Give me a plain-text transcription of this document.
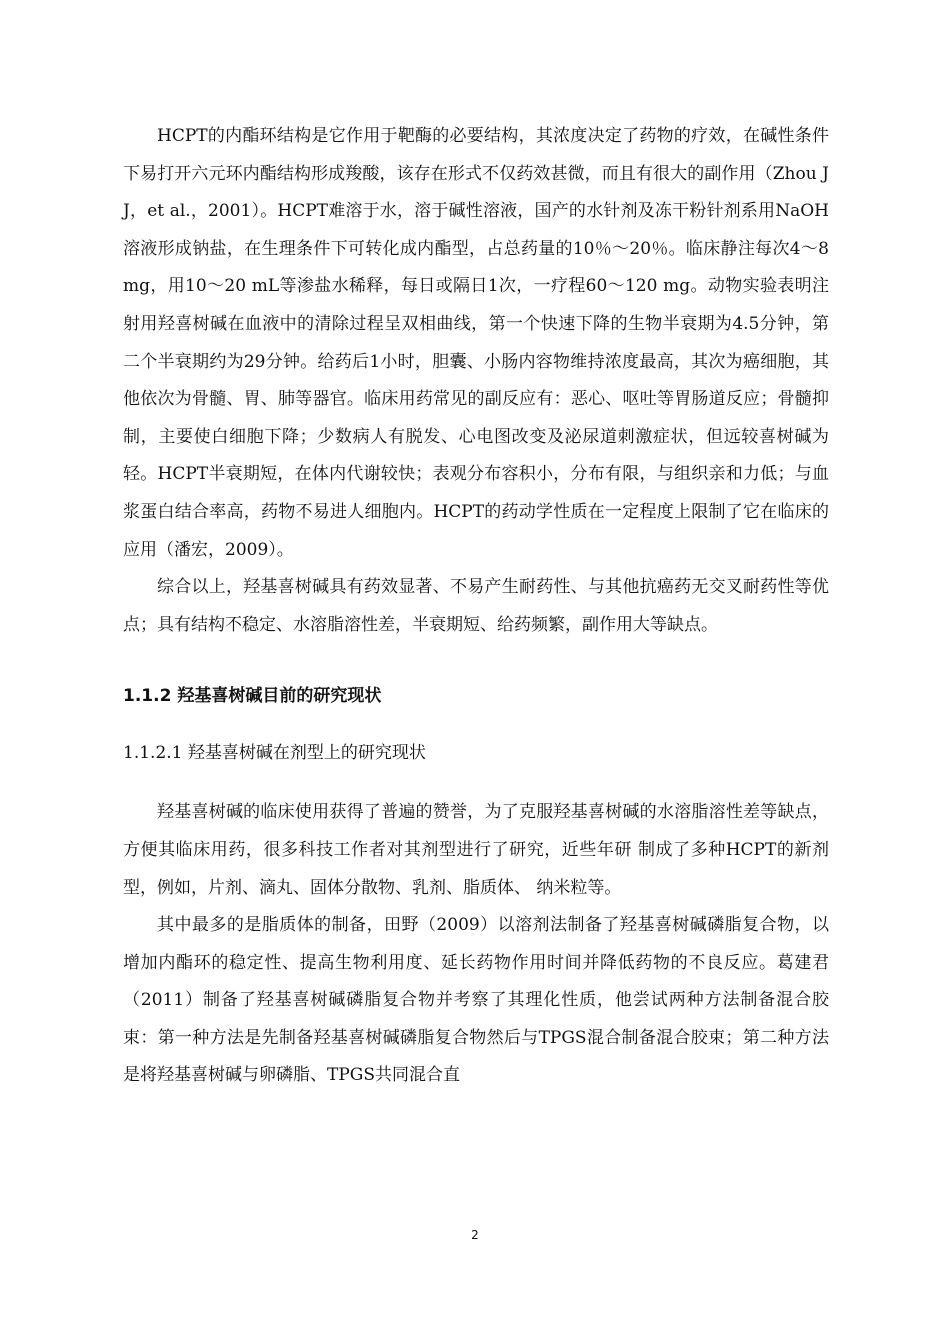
HCPT的内酯环结构是它作用于靶酶的必要结构，其浓度决定了药物的疗效，在碱性条件下易打开六元环内酯结构形成羧酸，该存在形式不仅药效甚微，而且有很大的副作用（Zhou J J，et al.，2001）。HCPT难溶于水，溶于碱性溶液，国产的水针剂及冻干粉针剂系用NaOH溶液形成钠盐，在生理条件下可转化成内酯型，占总药量的10％～20％。临床静注每次4～8 mg，用10～20 mL等渗盐水稀释，每日或隔日1次，一疗程60～120 mg。动物实验表明注射用羟喜树碱在血液中的清除过程呈双相曲线，第一个快速下降的生物半衰期为4.5分钟，第二个半衰期约为29分钟。给药后1小时，胆囊、小肠内容物维持浓度最高，其次为癌细胞，其他依次为骨髓、胃、肺等器官。临床用药常见的副反应有：恶心、呕吐等胃肠道反应；骨髓抑制，主要使白细胞下降；少数病人有脱发、心电图改变及泌尿道刺激症状，但远较喜树碱为轻。HCPT半衰期短，在体内代谢较快；表观分布容积小，分布有限，与组织亲和力低；与血浆蛋白结合率高，药物不易进人细胞内。HCPT的药动学性质在一定程度上限制了它在临床的应用（潘宏，2009）。

综合以上，羟基喜树碱具有药效显著、不易产生耐药性、与其他抗癌药无交叉耐药性等优点；具有结构不稳定、水溶脂溶性差，半衰期短、给药频繁，副作用大等缺点。

1.1.2 羟基喜树碱目前的研究现状
1.1.2.1 羟基喜树碱在剂型上的研究现状

羟基喜树碱的临床使用获得了普遍的赞誉，为了克服羟基喜树碱的水溶脂溶性差等缺点，方便其临床用药，很多科技工作者对其剂型进行了研究，近些年研 制成了多种HCPT的新剂型，例如，片剂、滴丸、固体分散物、乳剂、脂质体、 纳米粒等。

其中最多的是脂质体的制备，田野（2009）以溶剂法制备了羟基喜树碱磷脂复合物，以增加内酯环的稳定性、提高生物利用度、延长药物作用时间并降低药物的不良反应。葛建君（2011）制备了羟基喜树碱磷脂复合物并考察了其理化性质，他尝试两种方法制备混合胶束：第一种方法是先制备羟基喜树碱磷脂复合物然后与TPGS混合制备混合胶束；第二种方法是将羟基喜树碱与卵磷脂、TPGS共同混合直

2
